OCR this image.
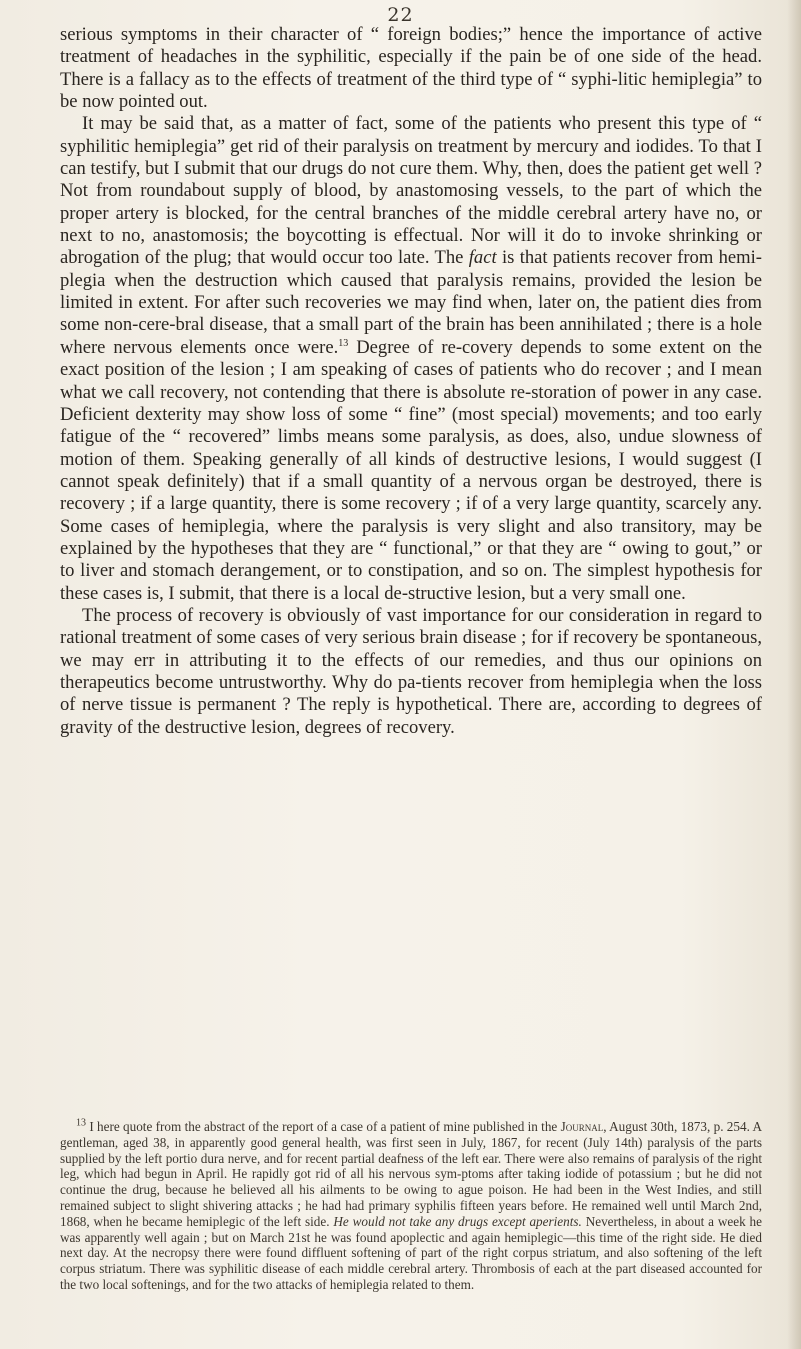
22

serious symptoms in their character of “ foreign bodies;” hence the importance of active treatment of headaches in the syphilitic, especially if the pain be of one side of the head. There is a fallacy as to the effects of treatment of the third type of “ syphi-litic hemiplegia” to be now pointed out.

It may be said that, as a matter of fact, some of the patients who present this type of “ syphilitic hemiplegia” get rid of their paralysis on treatment by mercury and iodides. To that I can testify, but I submit that our drugs do not cure them. Why, then, does the patient get well ? Not from roundabout supply of blood, by anastomosing vessels, to the part of which the proper artery is blocked, for the central branches of the middle cerebral artery have no, or next to no, anastomosis; the boycotting is effectual. Nor will it do to invoke shrinking or abrogation of the plug; that would occur too late. The fact is that patients recover from hemi-plegia when the destruction which caused that paralysis remains, provided the lesion be limited in extent. For after such recoveries we may find when, later on, the patient dies from some non-cere-bral disease, that a small part of the brain has been annihilated ; there is a hole where nervous elements once were.$^{13}$ Degree of re-covery depends to some extent on the exact position of the lesion ; I am speaking of cases of patients who do recover ; and I mean what we call recovery, not contending that there is absolute re-storation of power in any case. Deficient dexterity may show loss of some “ fine” (most special) movements; and too early fatigue of the “ recovered” limbs means some paralysis, as does, also, undue slowness of motion of them. Speaking generally of all kinds of destructive lesions, I would suggest (I cannot speak definitely) that if a small quantity of a nervous organ be destroyed, there is recovery ; if a large quantity, there is some recovery ; if of a very large quantity, scarcely any. Some cases of hemiplegia, where the paralysis is very slight and also transitory, may be explained by the hypotheses that they are “ functional,” or that they are “ owing to gout,” or to liver and stomach derangement, or to constipation, and so on. The simplest hypothesis for these cases is, I submit, that there is a local de-structive lesion, but a very small one.

The process of recovery is obviously of vast importance for our consideration in regard to rational treatment of some cases of very serious brain disease ; for if recovery be spontaneous, we may err in attributing it to the effects of our remedies, and thus our opinions on therapeutics become untrustworthy. Why do pa-tients recover from hemiplegia when the loss of nerve tissue is permanent ? The reply is hypothetical. There are, according to degrees of gravity of the destructive lesion, degrees of recovery.

$^{13}$ I here quote from the abstract of the report of a case of a patient of mine published in the Journal, August 30th, 1873, p. 254. A gentleman, aged 38, in apparently good general health, was first seen in July, 1867, for recent (July 14th) paralysis of the parts supplied by the left portio dura nerve, and for recent partial deafness of the left ear. There were also remains of paralysis of the right leg, which had begun in April. He rapidly got rid of all his nervous sym-ptoms after taking iodide of potassium ; but he did not continue the drug, because he believed all his ailments to be owing to ague poison. He had been in the West Indies, and still remained subject to slight shivering attacks ; he had had primary syphilis fifteen years before. He remained well until March 2nd, 1868, when he became hemiplegic of the left side. He would not take any drugs except aperients. Nevertheless, in about a week he was apparently well again ; but on March 21st he was found apoplectic and again hemiplegic—this time of the right side. He died next day. At the necropsy there were found diffluent softening of part of the right corpus striatum, and also softening of the left corpus striatum. There was syphilitic disease of each middle cerebral artery. Thrombosis of each at the part diseased accounted for the two local softenings, and for the two attacks of hemiplegia related to them.
